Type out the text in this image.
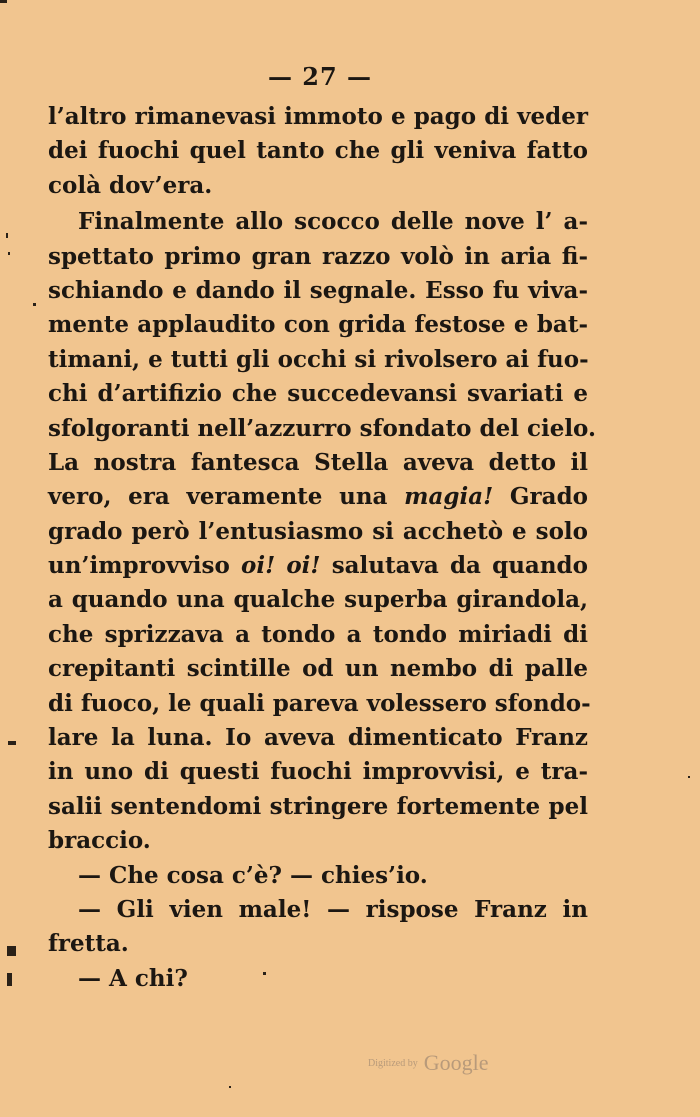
— 27 —
l’altro rimanevasi immoto e pago di veder
dei fuochi quel tanto che gli veniva fatto
colà dov’era.
Finalmente allo scocco delle nove l’ a-
spettato primo gran razzo volò in aria fi-
schiando e dando il segnale. Esso fu viva-
mente applaudito con grida festose e bat-
timani, e tutti gli occhi si rivolsero ai fuo-
chi d’artifizio che succedevansi svariati e
sfolgoranti nell’azzurro sfondato del cielo.
La nostra fantesca Stella aveva detto il
vero, era veramente una magia! Grado
grado però l’entusiasmo si acchetò e solo
un’improvviso oi! oi! salutava da quando
a quando una qualche superba girandola,
che sprizzava a tondo a tondo miriadi di
crepitanti scintille od un nembo di palle
di fuoco, le quali pareva volessero sfondo-
lare la luna. Io aveva dimenticato Franz
in uno di questi fuochi improvvisi, e tra-
salii sentendomi stringere fortemente pel
braccio.
— Che cosa c’è? — chies’io.
— Gli vien male! — rispose Franz in
fretta.
— A chi?
Digitized by Google
